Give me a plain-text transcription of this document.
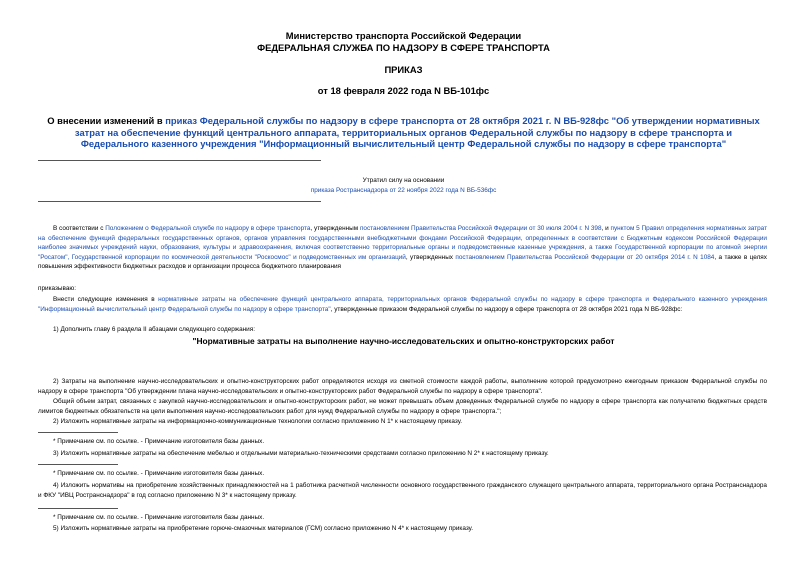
Министерство транспорта Российской Федерации
ФЕДЕРАЛЬНАЯ СЛУЖБА ПО НАДЗОРУ В СФЕРЕ ТРАНСПОРТА
ПРИКАЗ
от 18 февраля 2022 года N ВБ-101фс
О внесении изменений в приказ Федеральной службы по надзору в сфере транспорта от 28 октября 2021 г. N ВБ-928фс "Об утверждении нормативных затрат на обеспечение функций центрального аппарата, территориальных органов Федеральной службы по надзору в сфере транспорта и Федерального казенного учреждения "Информационный вычислительный центр Федеральной службы по надзору в сфере транспорта"
Утратил силу на основании
приказа Ространснадзора от 22 ноября 2022 года N ВБ-536фс
В соответствии с Положением о Федеральной службе по надзору в сфере транспорта, утвержденным постановлением Правительства Российской Федерации от 30 июля 2004 г. N 398, и пунктом 5 Правил определения нормативных затрат на обеспечение функций федеральных государственных органов, органов управления государственными внебюджетными фондами Российской Федерации, определенных в соответствии с Бюджетным кодексом Российской Федерации наиболее значимых учреждений науки, образования, культуры и здравоохранения, включая соответственно территориальные органы и подведомственные казенные учреждения, а также Государственной корпорации по атомной энергии "Росатом", Государственной корпорации по космической деятельности "Роскосмос" и подведомственных им организаций, утвержденных постановлением Правительства Российской Федерации от 20 октября 2014 г. N 1084, а также в целях повышения эффективности бюджетных расходов и организации процесса бюджетного планирования
приказываю:
Внести следующие изменения в нормативные затраты на обеспечение функций центрального аппарата, территориальных органов Федеральной службы по надзору в сфере транспорта и Федерального казенного учреждения "Информационный вычислительный центр Федеральной службы по надзору в сфере транспорта", утвержденные приказом Федеральной службы по надзору в сфере транспорта от 28 октября 2021 года N ВБ-928фс:
1) Дополнить главу 6 раздела II абзацами следующего содержания:
"Нормативные затраты на выполнение научно-исследовательских и опытно-конструкторских работ
2) Затраты на выполнение научно-исследовательских и опытно-конструкторских работ определяются исходя из сметной стоимости каждой работы, выполнение которой предусмотрено ежегодным приказом Федеральной службы по надзору в сфере транспорта "Об утверждении плана научно-исследовательских и опытно-конструкторских работ Федеральной службы по надзору в сфере транспорта".
Общий объем затрат, связанных с закупкой научно-исследовательских и опытно-конструкторских работ, не может превышать объем доведенных Федеральной службе по надзору в сфере транспорта как получателю бюджетных средств лимитов бюджетных обязательств на цели выполнения научно-исследовательских работ для нужд Федеральной службы по надзору в сфере транспорта.";
2) Изложить нормативные затраты на информационно-коммуникационные технологии согласно приложению N 1* к настоящему приказу.
* Примечание см. по ссылке. - Примечание изготовителя базы данных.
3) Изложить нормативные затраты на обеспечение мебелью и отдельными материально-техническими средствами согласно приложению N 2* к настоящему приказу.
* Примечание см. по ссылке. - Примечание изготовителя базы данных.
4) Изложить нормативы на приобретение хозяйственных принадлежностей на 1 работника расчетной численности основного государственного гражданского служащего центрального аппарата, территориального органа Ространснадзора и ФКУ "ИВЦ Ространснадзора" в год согласно приложению N 3* к настоящему приказу.
* Примечание см. по ссылке. - Примечание изготовителя базы данных.
5) Изложить нормативные затраты на приобретение горюче-смазочных материалов (ГСМ) согласно приложению N 4* к настоящему приказу.
